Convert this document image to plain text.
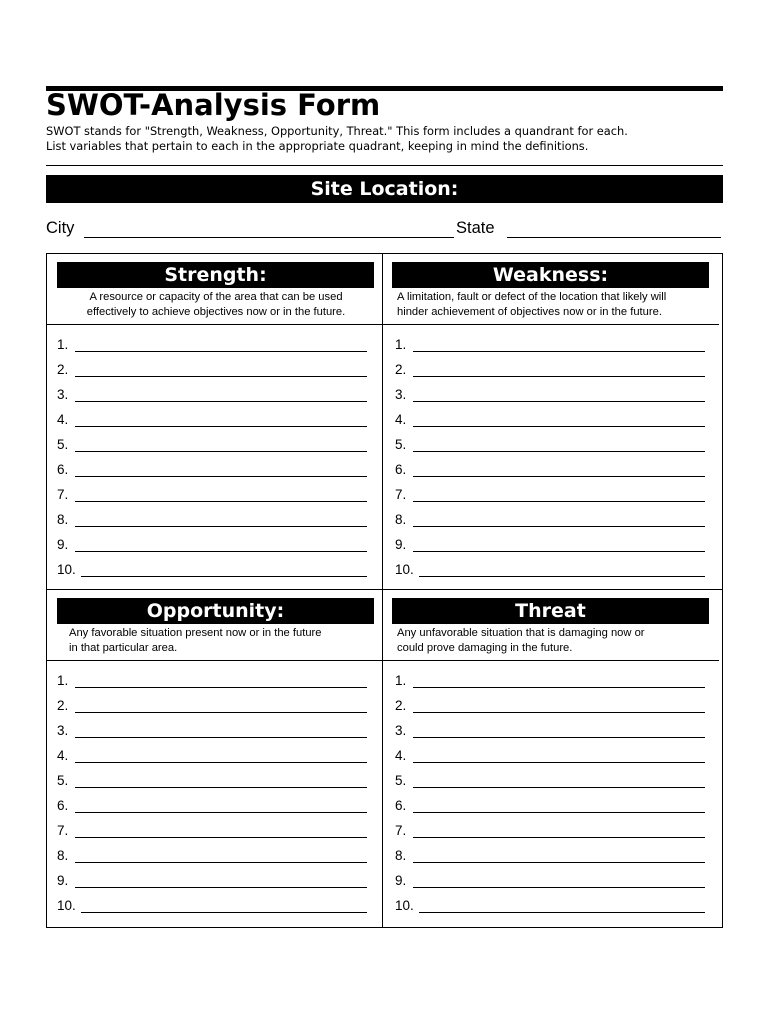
SWOT-Analysis Form
SWOT stands for "Strength, Weakness, Opportunity, Threat." This form includes a quandrant for each.
List variables that pertain to each in the appropriate quadrant, keeping in mind the definitions.
Site Location:
City	State
Strength:
A resource or capacity of the area that can be used
effectively to achieve objectives now or in the future.
1.
2.
3.
4.
5.
6.
7.
8.
9.
10.
Weakness:
A limitation, fault or defect of the location that likely will
hinder achievement of objectives now or in the future.
1.
2.
3.
4.
5.
6.
7.
8.
9.
10.
Opportunity:
Any favorable situation present now or in the future
in that particular area.
1.
2.
3.
4.
5.
6.
7.
8.
9.
10.
Threat
Any unfavorable situation that is damaging now or
could prove damaging in the future.
1.
2.
3.
4.
5.
6.
7.
8.
9.
10.
